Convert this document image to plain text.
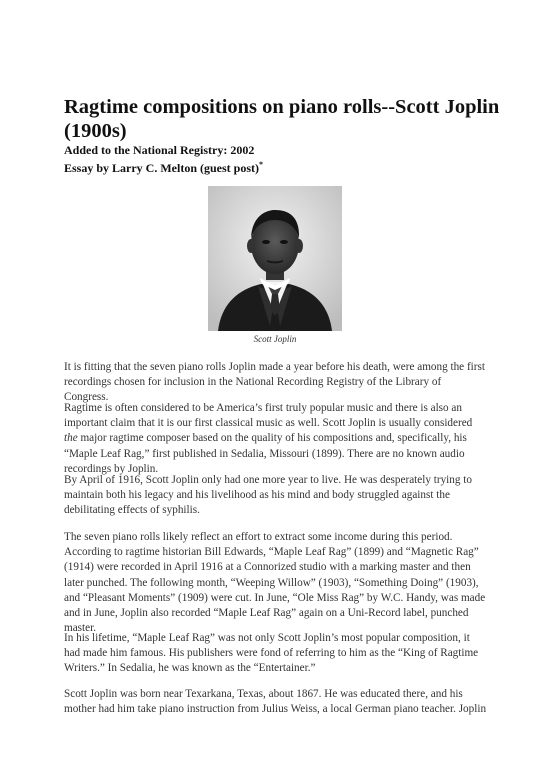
Ragtime compositions on piano rolls--Scott Joplin (1900s)

Added to the National Registry: 2002

Essay by Larry C. Melton (guest post)*

Scott Joplin

It is fitting that the seven piano rolls Joplin made a year before his death, were among the first recordings chosen for inclusion in the National Recording Registry of the Library of Congress.

Ragtime is often considered to be America’s first truly popular music and there is also an important claim that it is our first classical music as well. Scott Joplin is usually considered the major ragtime composer based on the quality of his compositions and, specifically, his “Maple Leaf Rag,” first published in Sedalia, Missouri (1899). There are no known audio recordings by Joplin.

By April of 1916, Scott Joplin only had one more year to live. He was desperately trying to maintain both his legacy and his livelihood as his mind and body struggled against the debilitating effects of syphilis.

The seven piano rolls likely reflect an effort to extract some income during this period. According to ragtime historian Bill Edwards, “Maple Leaf Rag” (1899) and “Magnetic Rag” (1914) were recorded in April 1916 at a Connorized studio with a marking master and then later punched. The following month, “Weeping Willow” (1903), “Something Doing” (1903), and “Pleasant Moments” (1909) were cut. In June, “Ole Miss Rag” by W.C. Handy, was made and in June, Joplin also recorded “Maple Leaf Rag” again on a Uni-Record label, punched master.

In his lifetime, “Maple Leaf Rag” was not only Scott Joplin’s most popular composition, it had made him famous. His publishers were fond of referring to him as the “King of Ragtime Writers.” In Sedalia, he was known as the “Entertainer.”

Scott Joplin was born near Texarkana, Texas, about 1867. He was educated there, and his mother had him take piano instruction from Julius Weiss, a local German piano teacher. Joplin
